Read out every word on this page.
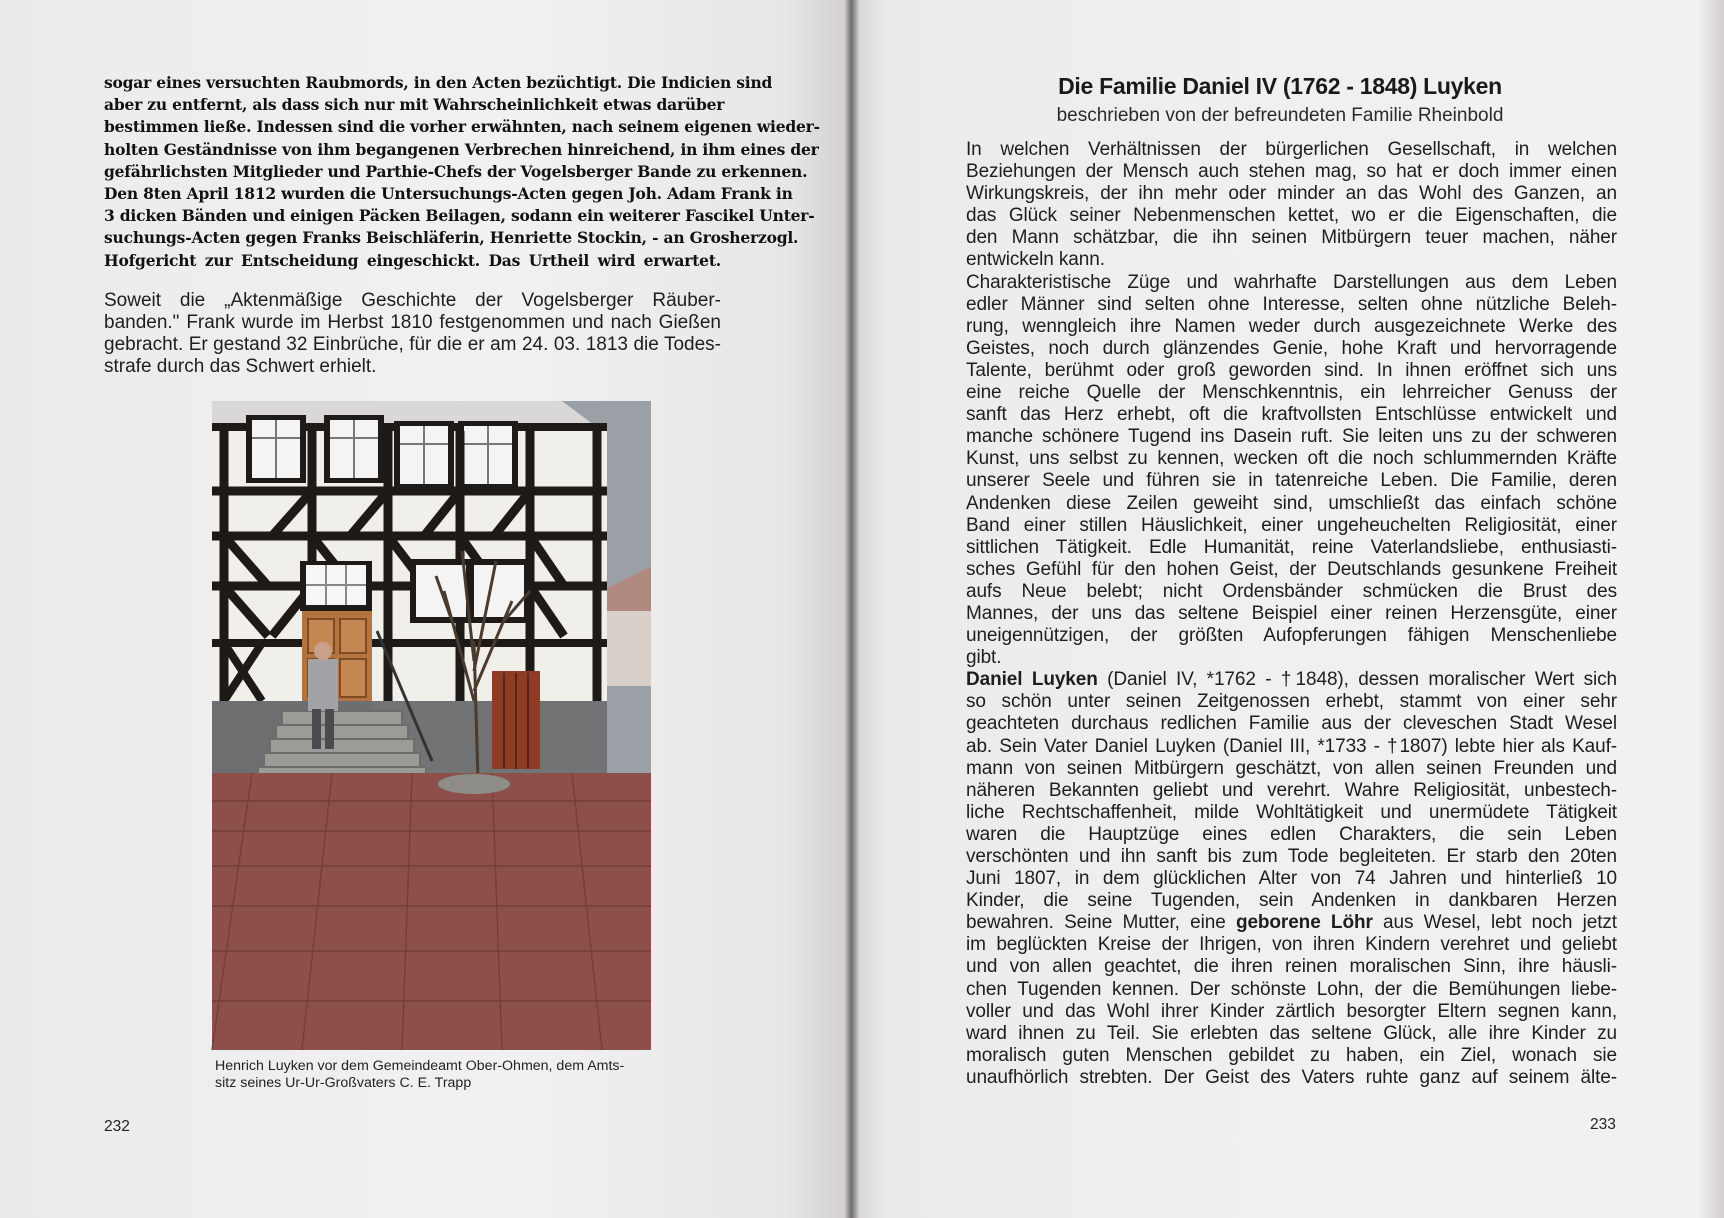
sogar eines versuchten Raubmords, in den Acten bezüchtigt. Die Indicien sind
aber zu entfernt, als dass sich nur mit Wahrscheinlichkeit etwas darüber
bestimmen ließe. Indessen sind die vorher erwähnten, nach seinem eigenen wieder-
holten Geständnisse von ihm begangenen Verbrechen hinreichend, in ihm eines der
gefährlichsten Mitglieder und Parthie-Chefs der Vogelsberger Bande zu erkennen.
Den 8ten April 1812 wurden die Untersuchungs-Acten gegen Joh. Adam Frank in
3 dicken Bänden und einigen Päcken Beilagen, sodann ein weiterer Fascikel Unter-
suchungs-Acten gegen Franks Beischläferin, Henriette Stockin, - an Grosherzogl.
Hofgericht zur Entscheidung eingeschickt. Das Urtheil wird erwartet.
Soweit die „Aktenmäßige Geschichte der Vogelsberger Räuber-
banden." Frank wurde im Herbst 1810 festgenommen und nach Gießen
gebracht. Er gestand 32 Einbrüche, für die er am 24. 03. 1813 die Todes-
strafe durch das Schwert erhielt.
Henrich Luyken vor dem Gemeindeamt Ober-Ohmen, dem Amts-
sitz seines Ur-Ur-Großvaters C. E. Trapp
232
Die Familie Daniel IV (1762 - 1848) Luyken
beschrieben von der befreundeten Familie Rheinbold
In welchen Verhältnissen der bürgerlichen Gesellschaft, in welchen
Beziehungen der Mensch auch stehen mag, so hat er doch immer einen
Wirkungskreis, der ihn mehr oder minder an das Wohl des Ganzen, an
das Glück seiner Nebenmenschen kettet, wo er die Eigenschaften, die
den Mann schätzbar, die ihn seinen Mitbürgern teuer machen, näher
entwickeln kann.
Charakteristische Züge und wahrhafte Darstellungen aus dem Leben
edler Männer sind selten ohne Interesse, selten ohne nützliche Beleh-
rung, wenngleich ihre Namen weder durch ausgezeichnete Werke des
Geistes, noch durch glänzendes Genie, hohe Kraft und hervorragende
Talente, berühmt oder groß geworden sind. In ihnen eröffnet sich uns
eine reiche Quelle der Menschkenntnis, ein lehrreicher Genuss der
sanft das Herz erhebt, oft die kraftvollsten Entschlüsse entwickelt und
manche schönere Tugend ins Dasein ruft. Sie leiten uns zu der schweren
Kunst, uns selbst zu kennen, wecken oft die noch schlummernden Kräfte
unserer Seele und führen sie in tatenreiche Leben. Die Familie, deren
Andenken diese Zeilen geweiht sind, umschließt das einfach schöne
Band einer stillen Häuslichkeit, einer ungeheuchelten Religiosität, einer
sittlichen Tätigkeit. Edle Humanität, reine Vaterlandsliebe, enthusiasti-
sches Gefühl für den hohen Geist, der Deutschlands gesunkene Freiheit
aufs Neue belebt; nicht Ordensbänder schmücken die Brust des
Mannes, der uns das seltene Beispiel einer reinen Herzensgüte, einer
uneigennützigen, der größten Aufopferungen fähigen Menschenliebe
gibt.
Daniel Luyken (Daniel IV, *1762 - †1848), dessen moralischer Wert sich
so schön unter seinen Zeitgenossen erhebt, stammt von einer sehr
geachteten durchaus redlichen Familie aus der cleveschen Stadt Wesel
ab. Sein Vater Daniel Luyken (Daniel III, *1733 - †1807) lebte hier als Kauf-
mann von seinen Mitbürgern geschätzt, von allen seinen Freunden und
näheren Bekannten geliebt und verehrt. Wahre Religiosität, unbestech-
liche Rechtschaffenheit, milde Wohltätigkeit und unermüdete Tätigkeit
waren die Hauptzüge eines edlen Charakters, die sein Leben
verschönten und ihn sanft bis zum Tode begleiteten. Er starb den 20ten
Juni 1807, in dem glücklichen Alter von 74 Jahren und hinterließ 10
Kinder, die seine Tugenden, sein Andenken in dankbaren Herzen
bewahren. Seine Mutter, eine geborene Löhr aus Wesel, lebt noch jetzt
im beglückten Kreise der Ihrigen, von ihren Kindern verehret und geliebt
und von allen geachtet, die ihren reinen moralischen Sinn, ihre häusli-
chen Tugenden kennen. Der schönste Lohn, der die Bemühungen liebe-
voller und das Wohl ihrer Kinder zärtlich besorgter Eltern segnen kann,
ward ihnen zu Teil. Sie erlebten das seltene Glück, alle ihre Kinder zu
moralisch guten Menschen gebildet zu haben, ein Ziel, wonach sie
unaufhörlich strebten. Der Geist des Vaters ruhte ganz auf seinem älte-
233
